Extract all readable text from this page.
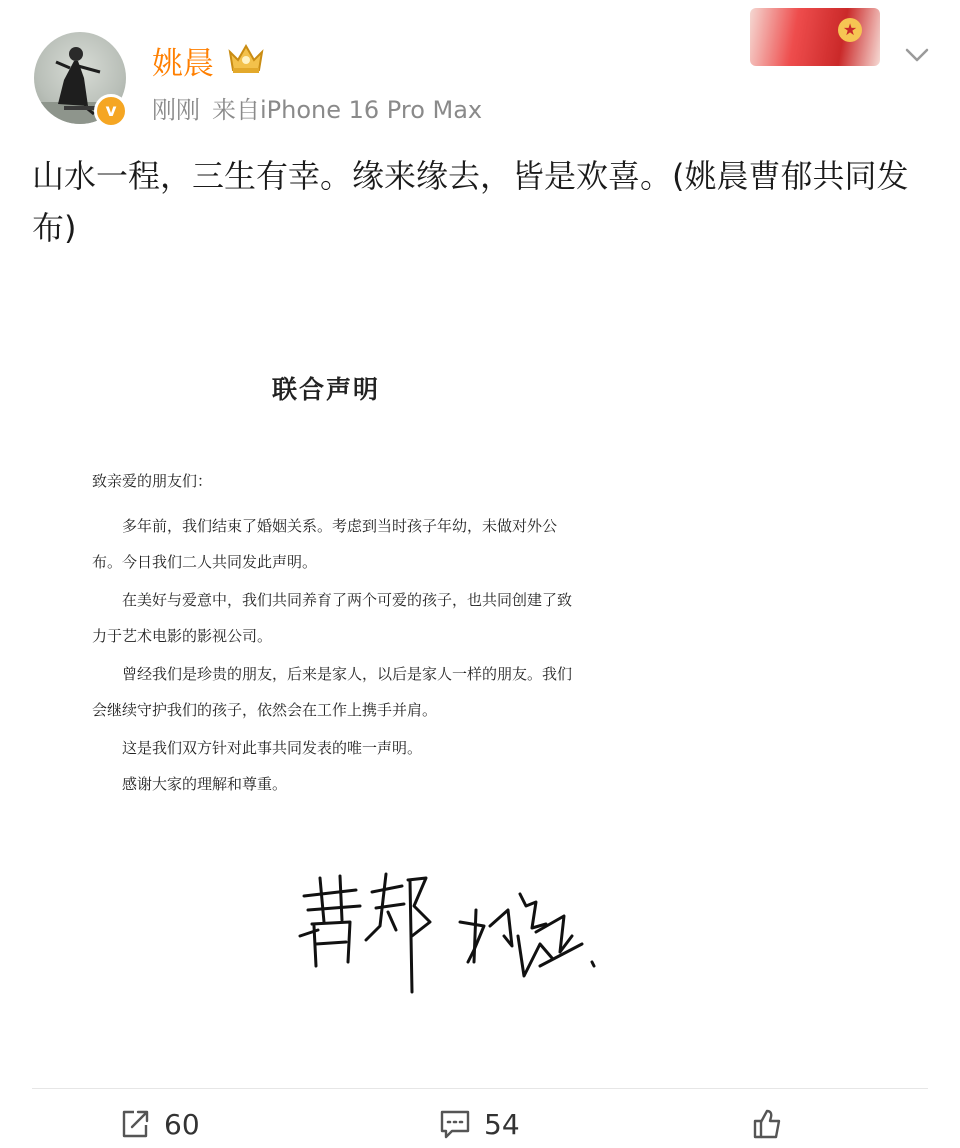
v
姚晨
刚刚 来自iPhone 16 Pro Max
★
山水一程，三生有幸。缘来缘去，皆是欢喜。(姚晨曹郁共同发布)
联合声明
致亲爱的朋友们：
多年前，我们结束了婚姻关系。考虑到当时孩子年幼，未做对外公布。今日我们二人共同发此声明。
在美好与爱意中，我们共同养育了两个可爱的孩子，也共同创建了致力于艺术电影的影视公司。
曾经我们是珍贵的朋友，后来是家人，以后是家人一样的朋友。我们会继续守护我们的孩子，依然会在工作上携手并肩。
这是我们双方针对此事共同发表的唯一声明。
感谢大家的理解和尊重。
60	54
